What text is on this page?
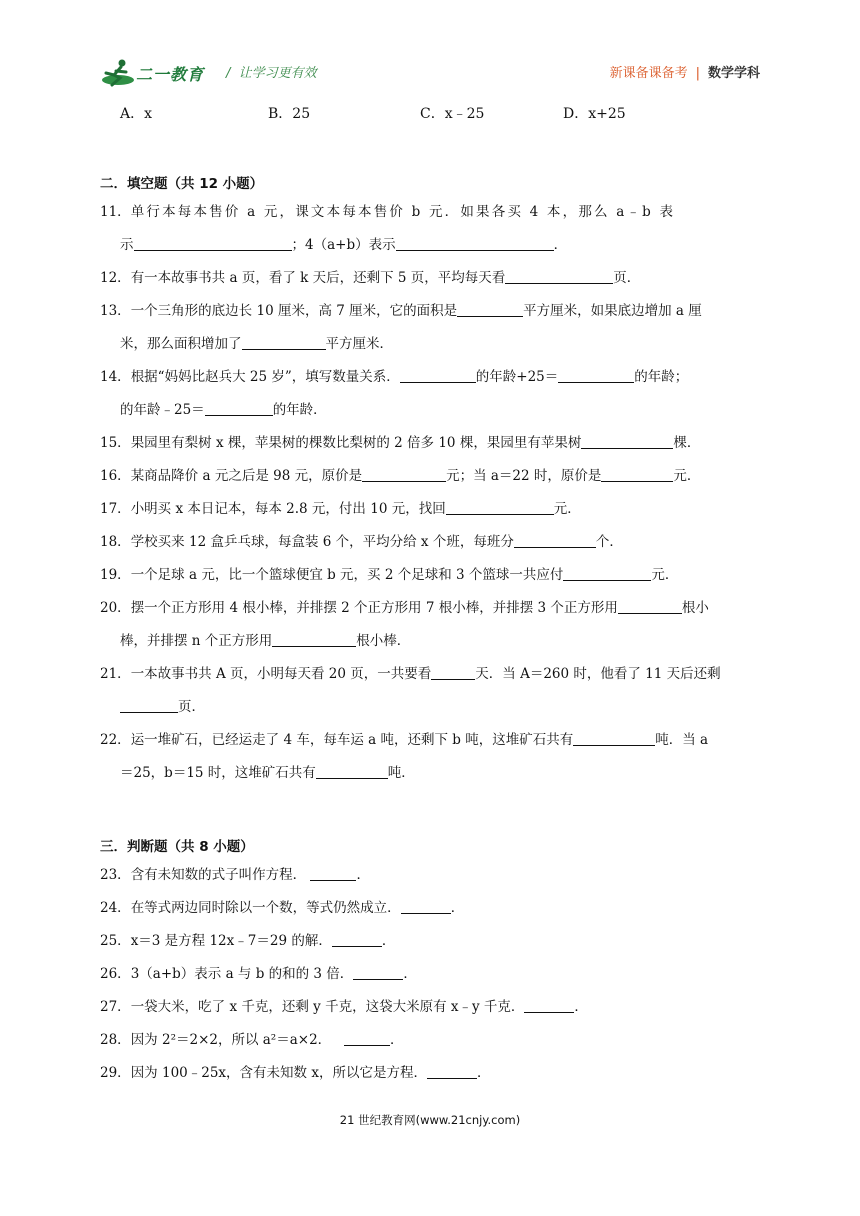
二一教育 /  让学习更有效	新课备课备考 | 数学学科
A．x	B．25	C．x﹣25	D．x+25
二．填空题（共 12 小题）
11．单行本每本售价 a 元，课文本每本售价 b 元．如果各买 4 本，那么 a﹣b 表
示	；4（a+b）表示	．
12．有一本故事书共 a 页，看了 k 天后，还剩下 5 页，平均每天看	页．
13．一个三角形的底边长 10 厘米，高 7 厘米，它的面积是	平方厘米，如果底边增加 a 厘
米，那么面积增加了	平方厘米．
14．根据“妈妈比赵兵大 25 岁”，填写数量关系．	的年龄+25＝	的年龄；
的年龄﹣25＝	的年龄．
15．果园里有梨树 x 棵，苹果树的棵数比梨树的 2 倍多 10 棵，果园里有苹果树	棵．
16．某商品降价 a 元之后是 98 元，原价是	元；当 a＝22 时，原价是	元．
17．小明买 x 本日记本，每本 2.8 元，付出 10 元，找回	元．
18．学校买来 12 盒乒乓球，每盒装 6 个，平均分给 x 个班，每班分	个．
19．一个足球 a 元，比一个篮球便宜 b 元，买 2 个足球和 3 个篮球一共应付	元．
20．摆一个正方形用 4 根小棒，并排摆 2 个正方形用 7 根小棒，并排摆 3 个正方形用	根小
棒，并排摆 n 个正方形用	根小棒．
21．一本故事书共 A 页，小明每天看 20 页，一共要看	天．当 A＝260 时，他看了 11 天后还剩
页．
22．运一堆矿石，已经运走了 4 车，每车运 a 吨，还剩下 b 吨，这堆矿石共有	吨．当 a
＝25，b＝15 时，这堆矿石共有	吨．
三．判断题（共 8 小题）
23．含有未知数的式子叫作方程．	．
24．在等式两边同时除以一个数，等式仍然成立．	．
25．x＝3 是方程 12x﹣7＝29 的解．	．
26．3（a+b）表示 a 与 b 的和的 3 倍．	．
27．一袋大米，吃了 x 千克，还剩 y 千克，这袋大米原有 x﹣y 千克．	．
28．因为 2²＝2×2，所以 a²＝a×2．	．
29．因为 100﹣25x，含有未知数 x，所以它是方程．	．
21 世纪教育网(www.21cnjy.com)
